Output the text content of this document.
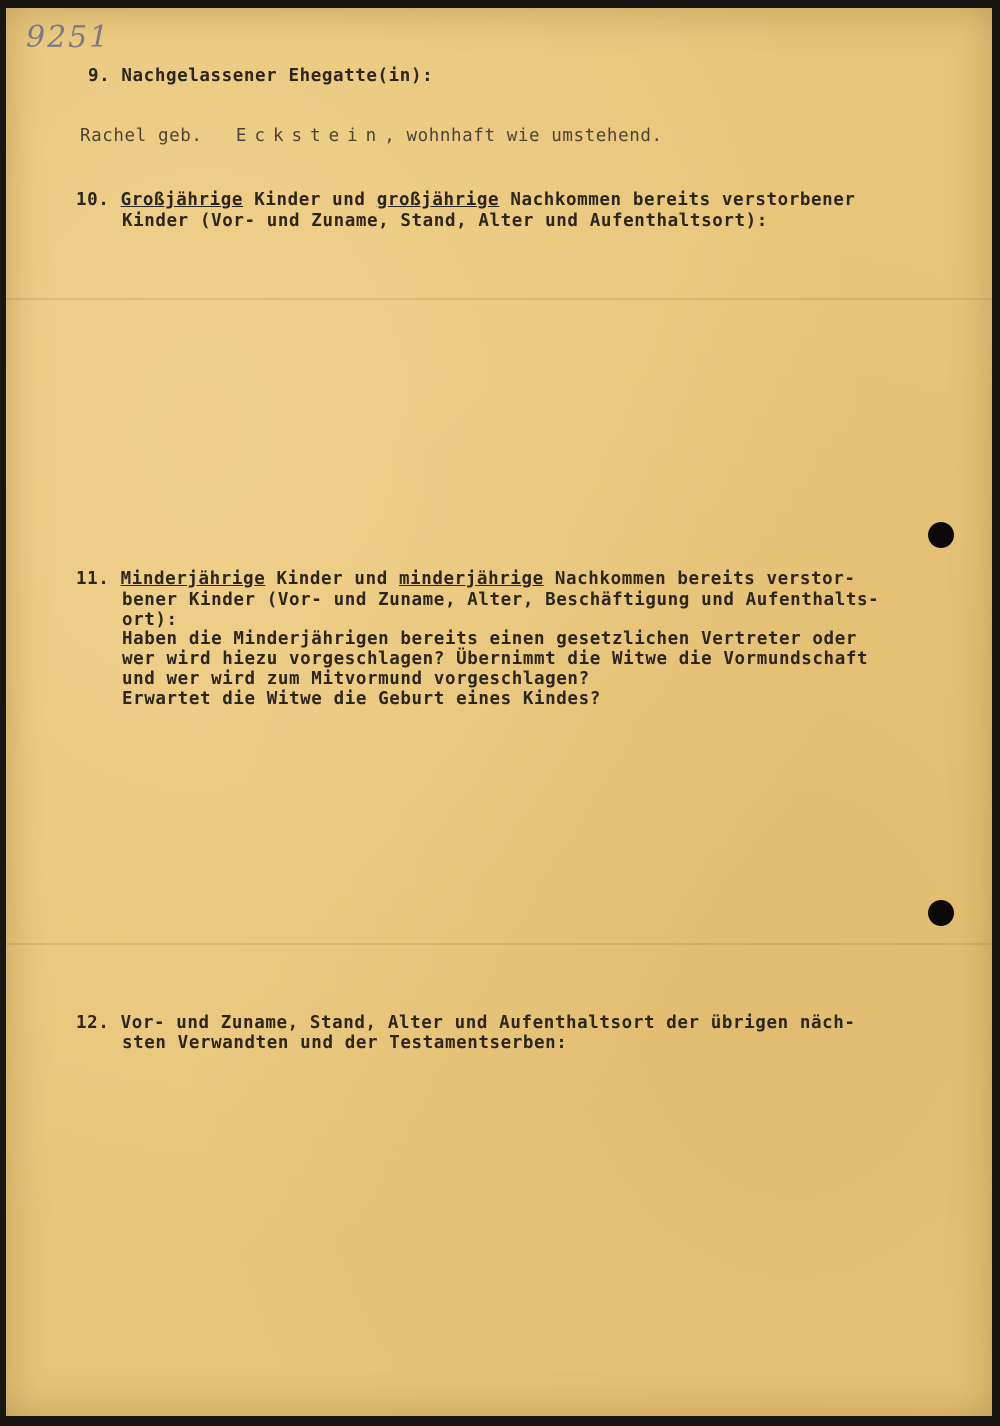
9251
9. Nachgelassener Ehegatte(in):
Rachel geb. Eckstein, wohnhaft wie umstehend.
10. Großjährige Kinder und großjährige Nachkommen bereits verstorbener
Kinder (Vor- und Zuname, Stand, Alter und Aufenthaltsort):
11. Minderjährige Kinder und minderjährige Nachkommen bereits verstor-
bener Kinder (Vor- und Zuname, Alter, Beschäftigung und Aufenthalts-
ort):
Haben die Minderjährigen bereits einen gesetzlichen Vertreter oder
wer wird hiezu vorgeschlagen? Übernimmt die Witwe die Vormundschaft
und wer wird zum Mitvormund vorgeschlagen?
Erwartet die Witwe die Geburt eines Kindes?
12. Vor- und Zuname, Stand, Alter und Aufenthaltsort der übrigen näch-
sten Verwandten und der Testamentserben:
